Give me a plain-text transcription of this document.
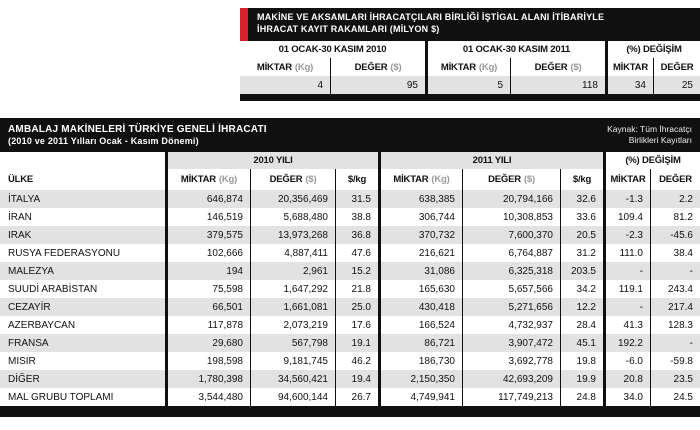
MAKİNE VE AKSAMLARI İHRACATÇILARI BİRLİĞİ İŞTİGAL ALANI İTİBARİYLE
İHRACAT KAYIT RAKAMLARI (MİLYON $)
01 OCAK-30 KASIM 2010	01 OCAK-30 KASIM 2011	(%) DEĞİŞİM
MİKTAR (Kg)	DEĞER ($)	MİKTAR (Kg)	DEĞER ($)	MİKTAR	DEĞER
4	95	5	118	34	25
AMBALAJ MAKİNELERİ TÜRKİYE GENELİ İHRACATI
(2010 ve 2011 Yılları Ocak - Kasım Dönemi)
Kaynak: Tüm İhracatçı
Birlikleri Kayıtları
2010 YILI	2011 YILI	(%) DEĞİŞİM
ÜLKE	MİKTAR (Kg)	DEĞER ($)	$/kg	MİKTAR (Kg)	DEĞER ($)	$/kg	MİKTAR	DEĞER
İTALYA	646,874	20,356,469	31.5	638,385	20,794,166	32.6	-1.3	2.2
İRAN	146,519	5,688,480	38.8	306,744	10,308,853	33.6	109.4	81.2
IRAK	379,575	13,973,268	36.8	370,732	7,600,370	20.5	-2.3	-45.6
RUSYA FEDERASYONU	102,666	4,887,411	47.6	216,621	6,764,887	31.2	111.0	38.4
MALEZYA	194	2,961	15.2	31,086	6,325,318	203.5	-	-
SUUDİ ARABİSTAN	75,598	1,647,292	21.8	165,630	5,657,566	34.2	119.1	243.4
CEZAYİR	66,501	1,661,081	25.0	430,418	5,271,656	12.2	-	217.4
AZERBAYCAN	117,878	2,073,219	17.6	166,524	4,732,937	28.4	41.3	128.3
FRANSA	29,680	567,798	19.1	86,721	3,907,472	45.1	192.2	-
MISIR	198,598	9,181,745	46.2	186,730	3,692,778	19.8	-6.0	-59.8
DİĞER	1,780,398	34,560,421	19.4	2,150,350	42,693,209	19.9	20.8	23.5
MAL GRUBU TOPLAMI	3,544,480	94,600,144	26.7	4,749,941	117,749,213	24.8	34.0	24.5
